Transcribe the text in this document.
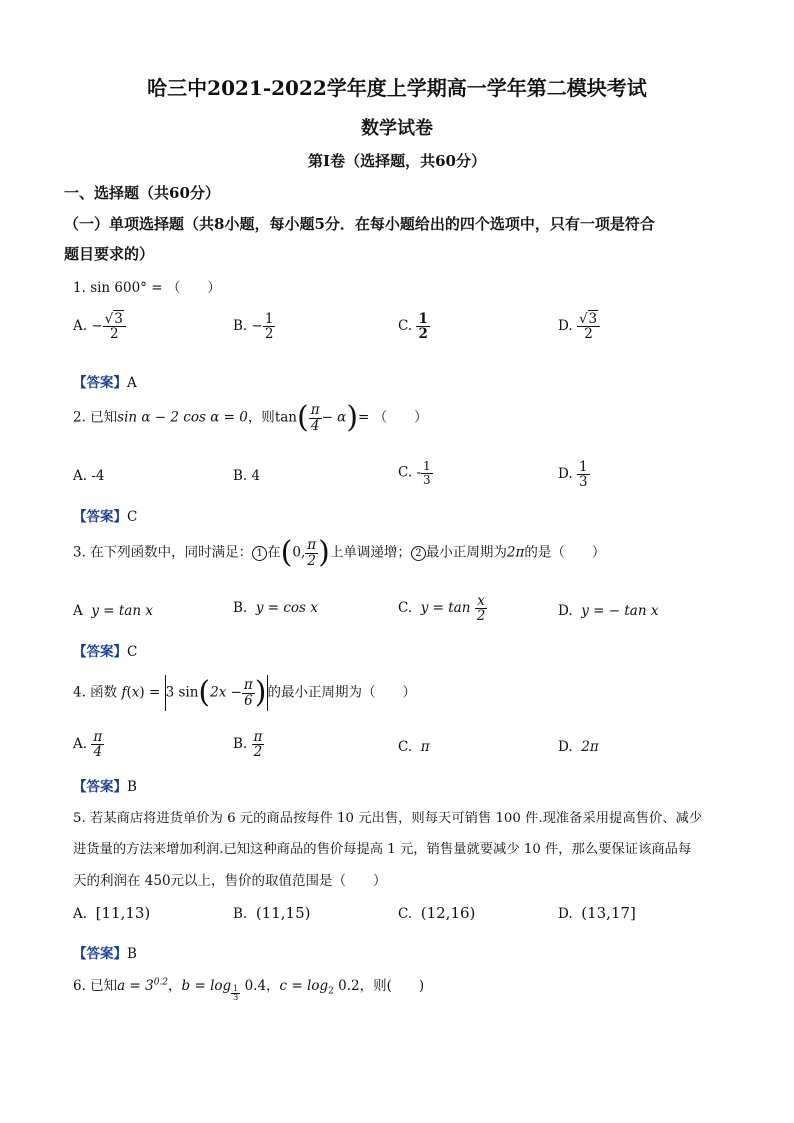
哈三中2021-2022学年度上学期高一学年第二模块考试
数学试卷
第Ⅰ卷（选择题，共60分）
一、选择题（共60分）
（一）单项选择题（共8小题，每小题5分．在每小题给出的四个选项中，只有一项是符合
题目要求的）
1. sin 600° = （　　）
A. − $\frac{√3}{2}$	B. − $\frac{1}{2}$	C. $\frac{1}{2}$	D. $\frac{√3}{2}$
【答案】A
2. 已知sin α − 2 cos α = 0，则$\tan( \frac{\pi}{4} - \alpha)=$ （　　）
A. -4	B. 4	C. - $\frac{1}{3}$	D. $\frac{1}{3}$
【答案】C
3. 在下列函数中，同时满足： 1 在(0, $\frac{\pi}{2}$ )上单调递增； 2 最小正周期为2π的是（　　）
A y = tan x	B. y = cos x	C. $y = \tan \frac{x}{2}$	D. y = − tan x
【答案】C
4. 函数 f(x) = 3 $\sin(2x - \frac{\pi}{6}$ )的最小正周期为（　　）
A. $\frac{\pi}{4}$	B. $\frac{\pi}{2}$	C. π	D. 2π
【答案】B
5. 若某商店将进货单价为 6 元的商品按每件 10 元出售，则每天可销售 100 件.现准备采用提高售价、减少
进货量的方法来增加利润.已知这种商品的售价每提高 1 元，销售量就要减少 10 件，那么要保证该商品每
天的利润在 450元以上，售价的取值范围是（　　）
A. [11,13)	B. (11,15)	C. (12,16)	D. (13,17]
【答案】B
6. 已知$a = 3^{0.2}$，$b = \log \frac{1}{3} 0.4$，$c = \log_2 0.2$，则(　　)
